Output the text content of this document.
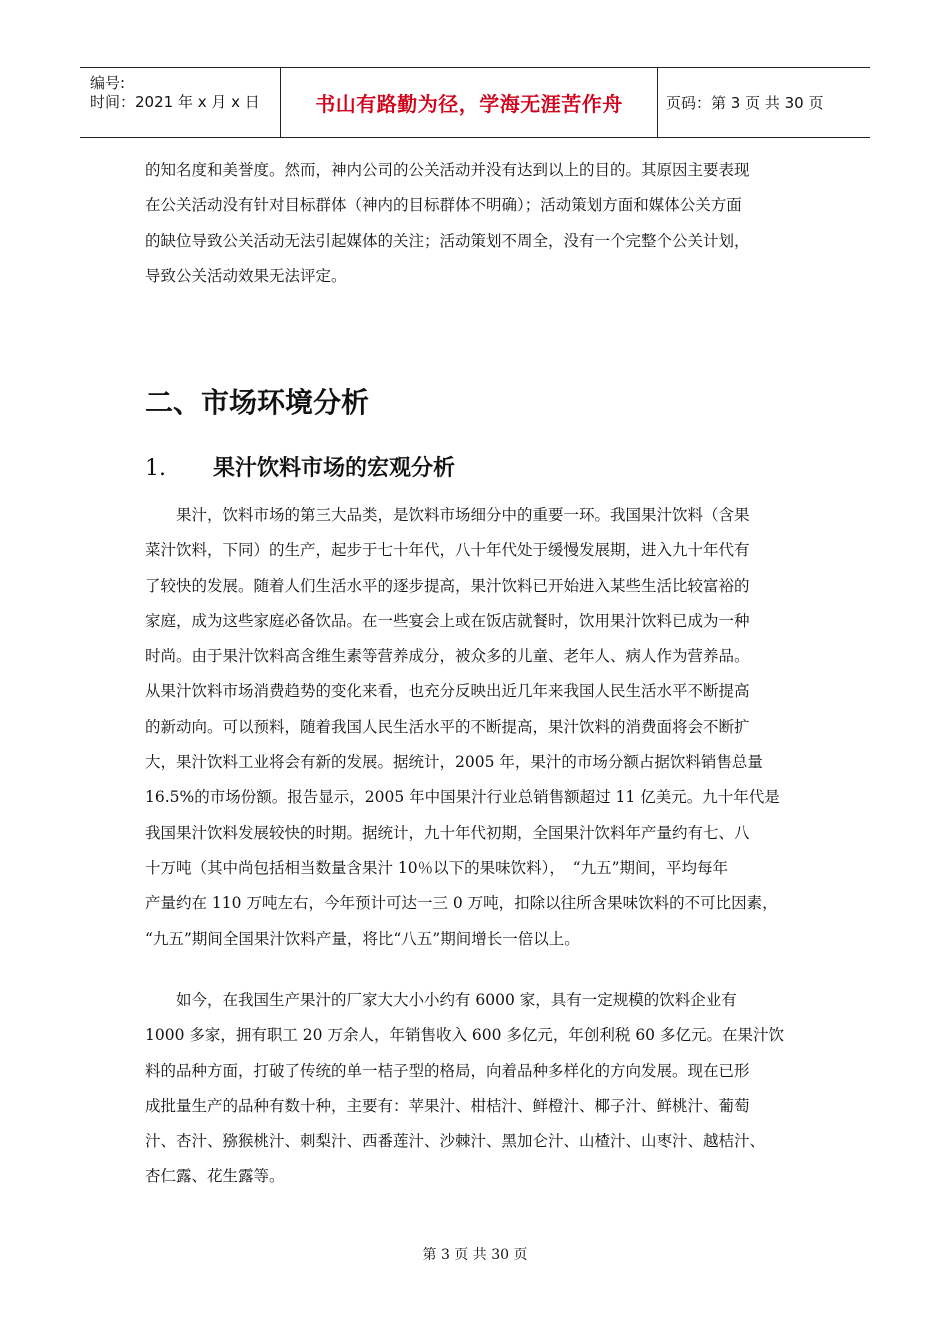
编号:
时间：2021 年 x 月 x 日	书山有路勤为径，学海无涯苦作舟	页码：第 3 页 共 30 页

的知名度和美誉度。然而，神内公司的公关活动并没有达到以上的目的。其原因主要表现
在公关活动没有针对目标群体（神内的目标群体不明确）；活动策划方面和媒体公关方面
的缺位导致公关活动无法引起媒体的关注；活动策划不周全，没有一个完整个公关计划，
导致公关活动效果无法评定。

二、市场环境分析
1. 果汁饮料市场的宏观分析

　　果汁，饮料市场的第三大品类，是饮料市场细分中的重要一环。我国果汁饮料（含果
菜汁饮料，下同）的生产，起步于七十年代，八十年代处于缓慢发展期，进入九十年代有
了较快的发展。随着人们生活水平的逐步提高，果汁饮料已开始进入某些生活比较富裕的
家庭，成为这些家庭必备饮品。在一些宴会上或在饭店就餐时，饮用果汁饮料已成为一种
时尚。由于果汁饮料高含维生素等营养成分，被众多的儿童、老年人、病人作为营养品。
从果汁饮料市场消费趋势的变化来看，也充分反映出近几年来我国人民生活水平不断提高
的新动向。可以预料，随着我国人民生活水平的不断提高，果汁饮料的消费面将会不断扩
大，果汁饮料工业将会有新的发展。据统计，2005 年，果汁的市场分额占据饮料销售总量
16.5%的市场份额。报告显示，2005 年中国果汁行业总销售额超过 11 亿美元。九十年代是
我国果汁饮料发展较快的时期。据统计，九十年代初期，全国果汁饮料年产量约有七、八
十万吨（其中尚包括相当数量含果汁 10％以下的果味饮料），　“九五”期间，平均每年
产量约在 110 万吨左右，今年预计可达一三 0 万吨，扣除以往所含果味饮料的不可比因素，
“九五”期间全国果汁饮料产量，将比“八五”期间增长一倍以上。

　　如今，在我国生产果汁的厂家大大小小约有 6000 家，具有一定规模的饮料企业有
1000 多家，拥有职工 20 万余人，年销售收入 600 多亿元，年创利税 60 多亿元。在果汁饮
料的品种方面，打破了传统的单一桔子型的格局，向着品种多样化的方向发展。现在已形
成批量生产的品种有数十种，主要有：苹果汁、柑桔汁、鲜橙汁、椰子汁、鲜桃汁、葡萄
汁、杏汁、猕猴桃汁、刺梨汁、西番莲汁、沙棘汁、黑加仑汁、山楂汁、山枣汁、越桔汁、
杏仁露、花生露等。

第 3 页 共 30 页
